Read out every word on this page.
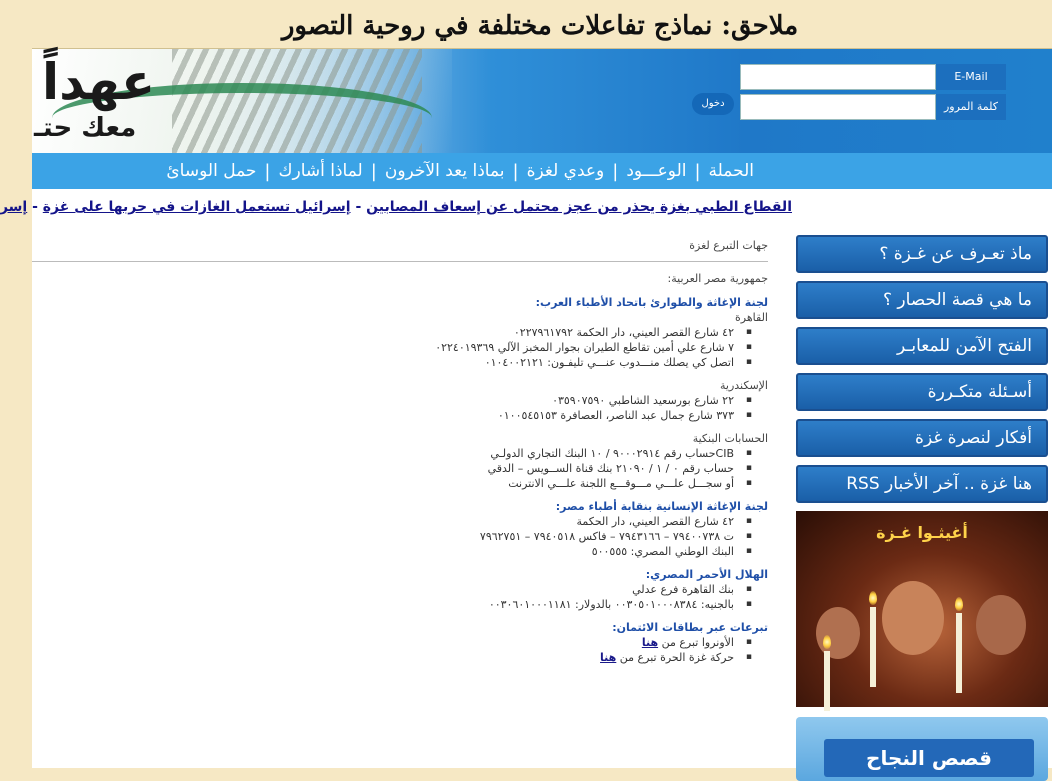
ملاحق: نماذج تفاعلات مختلفة في روحية التصور
عهداً
معك حتـ
E-Mail
كلمة المرور
دخول
الحملة
|
الوعـــود
|
وعدي لغزة
|
بماذا يعد الآخرون
|
لماذا أشارك
|
حمل الوسائ
القطاع الطبي بغزة يحذر من عجز محتمل عن إسعاف المصابين - إسرائيل تستعمل الغازات في حربها على غزة - إسر
جهات التبرع لغزة
جمهورية مصر العربية:
لجنة الإغاثة والطوارئ باتحاد الأطباء العرب:
القاهرة
▪ ٤٢ شارع القصر العيني، دار الحكمة ٠٢٢٧٩٦١٧٩٢
▪ ٧ شارع علي أمين تقاطع الطيران بجوار المخبز الآلي ٠٢٢٤٠١٩٣٦٩
▪ اتصل كي يصلك منـــدوب عنـــي تليفـون: ٠١٠٤٠٠٢١٢١
الإسكندرية
▪ ٢٢ شارع بورسعيد الشاطبي ٠٣٥٩٠٧٥٩٠
▪ ٣٧٣ شارع جمال عبد الناصر، العصافرة ٠١٠٠٥٤٥١٥٣
الحسابات البنكية
▪ CIBحساب رقم ٩٠٠٠٢٩١٤ / ١٠ البنك التجاري الدولـي
▪ حساب رقم ٠ / ١ / ٢١٠٩٠ بنك قناة الســويس – الدقي
▪ أو سجـــل علـــي مـــوقـــع اللجنة علـــي الانترنت
لجنة الإغاثة الإنسانية بنقابة أطباء مصر:
▪ ٤٢ شارع القصر العيني، دار الحكمة
▪ ت ٧٩٤٠٠٧٣٨ – ٧٩٤٣١٦٦ – فاكس ٧٩٤٠٥١٨ – ٧٩٦٢٧٥١
▪ البنك الوطني المصري: ٥٠٠٥٥٥
الهلال الأحمر المصري:
▪ بنك القاهرة فرع عدلي
▪ بالجنيه: ٠٠٣٠٥٠١٠٠٠٨٣٨٤ بالدولار: ٠٠٣٠٦٠١٠٠٠١١٨١
تبرعات عبر بطاقات الائتمان:
▪ الأونروا تبرع من هنا
▪ حركة غزة الحرة تبرع من هنا
ماذ تعـرف عن غـزة ؟
ما هي قصة الحصار ؟
الفتح الآمن للمعابـر
أسـئلة متكـررة
أفكار لنصرة غزة
هنا غزة .. آخر الأخبار RSS
أغيثـوا غـزة
قصص النجاح
